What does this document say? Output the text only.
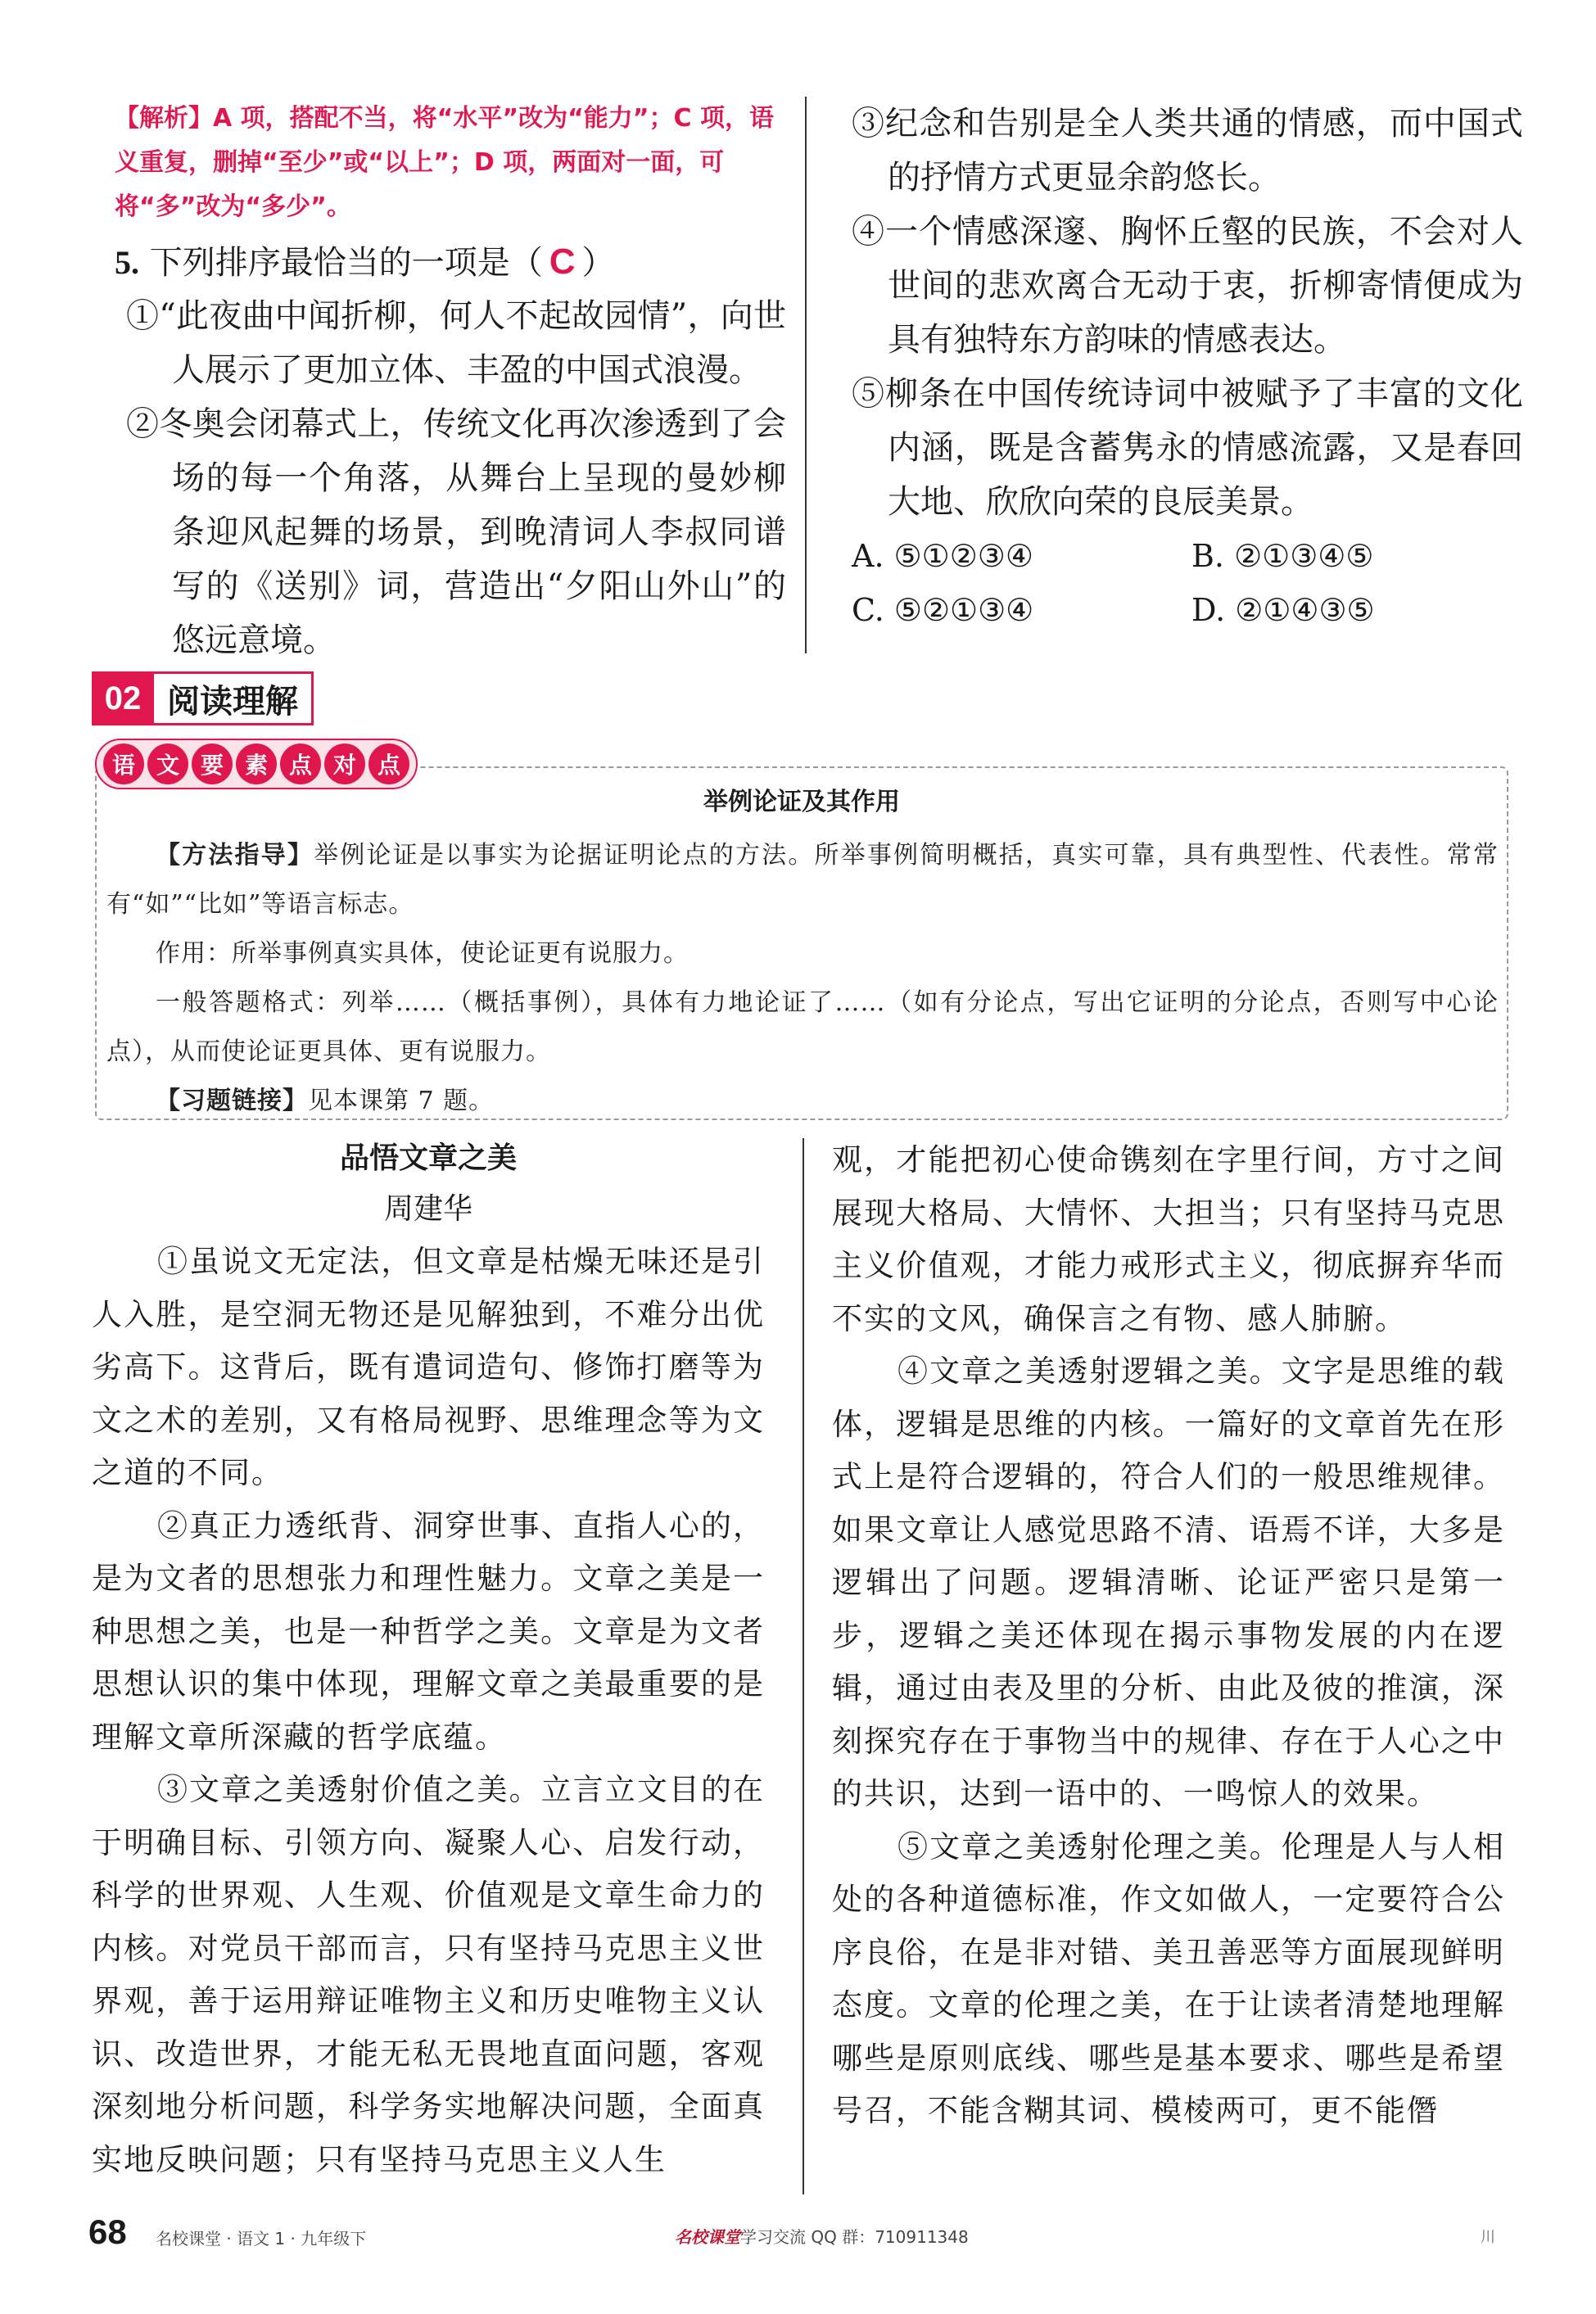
【解析】A 项，搭配不当，将“水平”改为“能力”；C 项，语义重复，删掉“至少”或“以上”；D 项，两面对一面，可将“多”改为“多少”。

5. 下列排序最恰当的一项是（ C ）

①“此夜曲中闻折柳，何人不起故园情”，向世人展示了更加立体、丰盈的中国式浪漫。

②冬奥会闭幕式上，传统文化再次渗透到了会场的每一个角落，从舞台上呈现的曼妙柳条迎风起舞的场景，到晚清词人李叔同谱写的《送别》词，营造出“夕阳山外山”的悠远意境。

③纪念和告别是全人类共通的情感，而中国式的抒情方式更显余韵悠长。

④一个情感深邃、胸怀丘壑的民族，不会对人世间的悲欢离合无动于衷，折柳寄情便成为具有独特东方韵味的情感表达。

⑤柳条在中国传统诗词中被赋予了丰富的文化内涵，既是含蓄隽永的情感流露，又是春回大地、欣欣向荣的良辰美景。

A. ⑤①②③④	B. ②①③④⑤
C. ⑤②①③④	D. ②①④③⑤
02 阅读理解
语 文 要 素 点 对 点
举例论证及其作用

【方法指导】举例论证是以事实为论据证明论点的方法。所举事例简明概括，真实可靠，具有典型性、代表性。常常有“如”“比如”等语言标志。

作用：所举事例真实具体，使论证更有说服力。

一般答题格式：列举……（概括事例），具体有力地论证了……（如有分论点，写出它证明的分论点，否则写中心论点），从而使论证更具体、更有说服力。

【习题链接】见本课第 7 题。

品悟文章之美

周建华

①虽说文无定法，但文章是枯燥无味还是引人入胜，是空洞无物还是见解独到，不难分出优劣高下。这背后，既有遣词造句、修饰打磨等为文之术的差别，又有格局视野、思维理念等为文之道的不同。

②真正力透纸背、洞穿世事、直指人心的，是为文者的思想张力和理性魅力。文章之美是一种思想之美，也是一种哲学之美。文章是为文者思想认识的集中体现，理解文章之美最重要的是理解文章所深藏的哲学底蕴。

③文章之美透射价值之美。立言立文目的在于明确目标、引领方向、凝聚人心、启发行动，科学的世界观、人生观、价值观是文章生命力的内核。对党员干部而言，只有坚持马克思主义世界观，善于运用辩证唯物主义和历史唯物主义认识、改造世界，才能无私无畏地直面问题，客观深刻地分析问题，科学务实地解决问题，全面真实地反映问题；只有坚持马克思主义人生

观，才能把初心使命镌刻在字里行间，方寸之间展现大格局、大情怀、大担当；只有坚持马克思主义价值观，才能力戒形式主义，彻底摒弃华而不实的文风，确保言之有物、感人肺腑。

④文章之美透射逻辑之美。文字是思维的载体，逻辑是思维的内核。一篇好的文章首先在形式上是符合逻辑的，符合人们的一般思维规律。如果文章让人感觉思路不清、语焉不详，大多是逻辑出了问题。逻辑清晰、论证严密只是第一步，逻辑之美还体现在揭示事物发展的内在逻辑，通过由表及里的分析、由此及彼的推演，深刻探究存在于事物当中的规律、存在于人心之中的共识，达到一语中的、一鸣惊人的效果。

⑤文章之美透射伦理之美。伦理是人与人相处的各种道德标准，作文如做人，一定要符合公序良俗，在是非对错、美丑善恶等方面展现鲜明态度。文章的伦理之美，在于让读者清楚地理解哪些是原则底线、哪些是基本要求、哪些是希望号召，不能含糊其词、模棱两可，更不能僭

68 名校课堂 · 语文 1 · 九年级下	名校课堂学习交流 QQ 群：710911348	川
